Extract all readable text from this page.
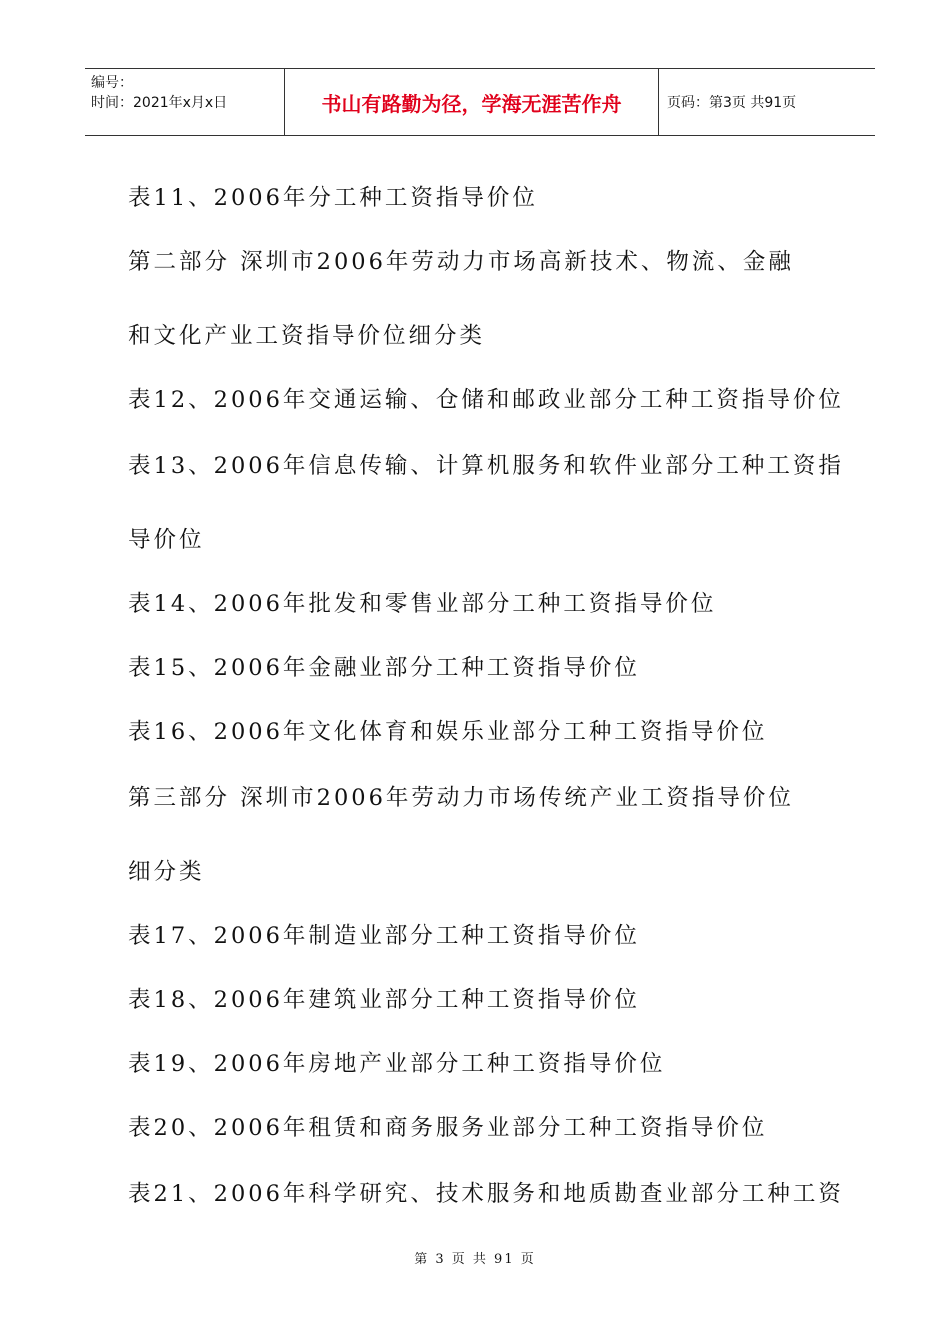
编号：
时间：2021年x月x日	书山有路勤为径，学海无涯苦作舟	页码：第3页 共91页
表11、2006年分工种工资指导价位
第二部分 深圳市2006年劳动力市场高新技术、物流、金融
和文化产业工资指导价位细分类
表12、2006年交通运输、仓储和邮政业部分工种工资指导价位
表13、2006年信息传输、计算机服务和软件业部分工种工资指
导价位
表14、2006年批发和零售业部分工种工资指导价位
表15、2006年金融业部分工种工资指导价位
表16、2006年文化体育和娱乐业部分工种工资指导价位
第三部分 深圳市2006年劳动力市场传统产业工资指导价位
细分类
表17、2006年制造业部分工种工资指导价位
表18、2006年建筑业部分工种工资指导价位
表19、2006年房地产业部分工种工资指导价位
表20、2006年租赁和商务服务业部分工种工资指导价位
表21、2006年科学研究、技术服务和地质勘查业部分工种工资
第 3 页 共 91 页
